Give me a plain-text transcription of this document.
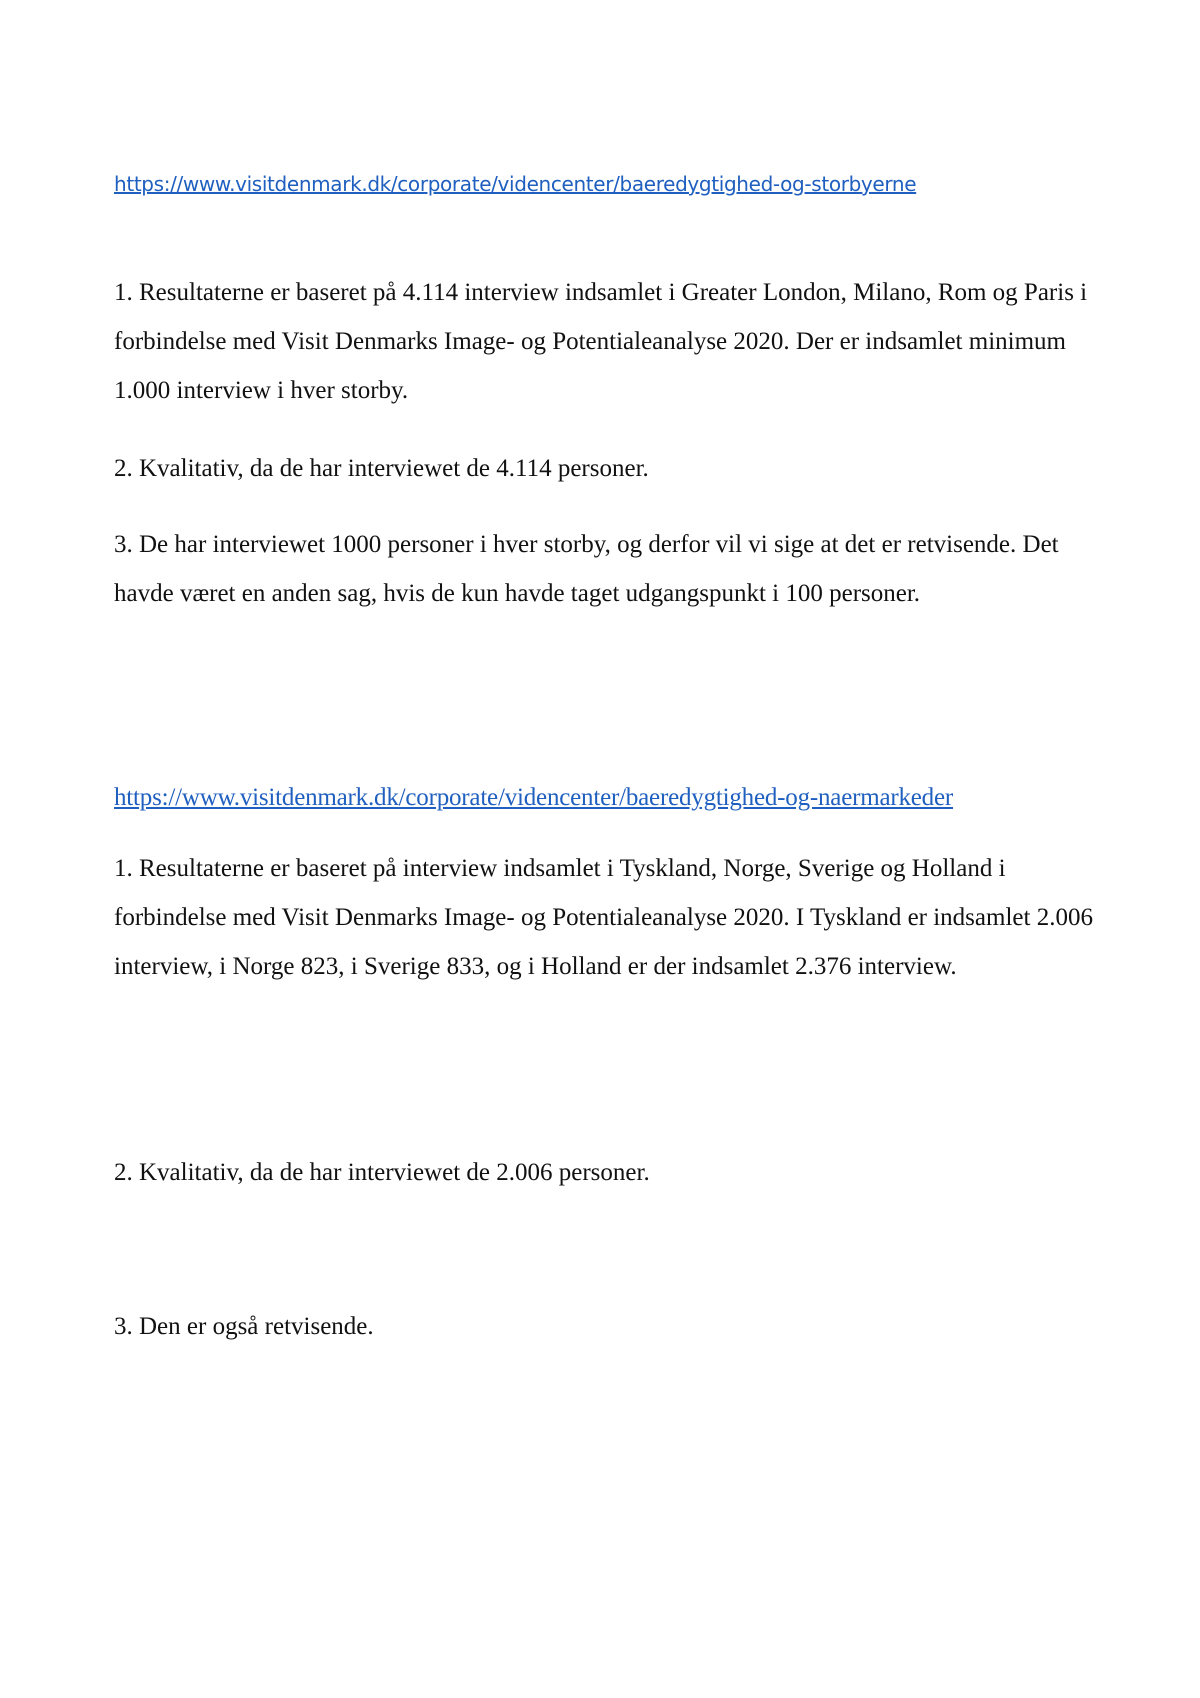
https://www.visitdenmark.dk/corporate/videncenter/baeredygtighed-og-storbyerne

1. Resultaterne er baseret på 4.114 interview indsamlet i Greater London, Milano, Rom og Paris i forbindelse med Visit Denmarks Image- og Potentialeanalyse 2020. Der er indsamlet minimum 1.000 interview i hver storby.

2. Kvalitativ, da de har interviewet de 4.114 personer.

3. De har interviewet 1000 personer i hver storby, og derfor vil vi sige at det er retvisende. Det havde været en anden sag, hvis de kun havde taget udgangspunkt i 100 personer.

https://www.visitdenmark.dk/corporate/videncenter/baeredygtighed-og-naermarkeder

1. Resultaterne er baseret på interview indsamlet i Tyskland, Norge, Sverige og Holland i forbindelse med Visit Denmarks Image- og Potentialeanalyse 2020. I Tyskland er indsamlet 2.006 interview, i Norge 823, i Sverige 833, og i Holland er der indsamlet 2.376 interview.

2. Kvalitativ, da de har interviewet de 2.006 personer.

3. Den er også retvisende.
